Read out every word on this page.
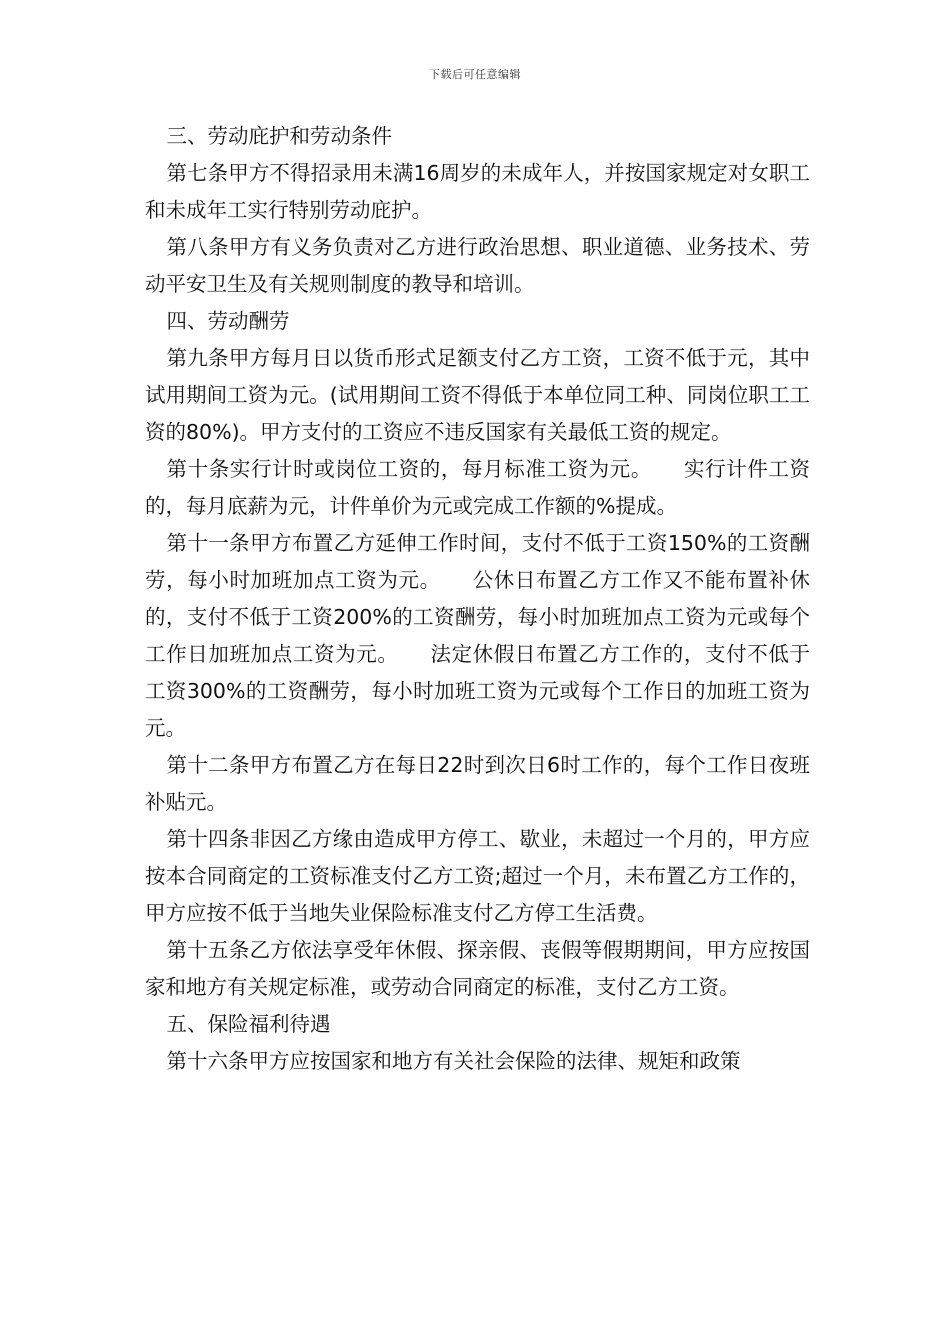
下载后可任意编辑

三、劳动庇护和劳动条件

第七条甲方不得招录用未满16周岁的未成年人，并按国家规定对女职工和未成年工实行特别劳动庇护。

第八条甲方有义务负责对乙方进行政治思想、职业道德、业务技术、劳动平安卫生及有关规则制度的教导和培训。

四、劳动酬劳

第九条甲方每月日以货币形式足额支付乙方工资，工资不低于元，其中试用期间工资为元。(试用期间工资不得低于本单位同工种、同岗位职工工资的80%)。甲方支付的工资应不违反国家有关最低工资的规定。

第十条实行计时或岗位工资的，每月标准工资为元。　　实行计件工资的，每月底薪为元，计件单价为元或完成工作额的%提成。

第十一条甲方布置乙方延伸工作时间，支付不低于工资150%的工资酬劳，每小时加班加点工资为元。　　公休日布置乙方工作又不能布置补休的，支付不低于工资200%的工资酬劳，每小时加班加点工资为元或每个工作日加班加点工资为元。　　法定休假日布置乙方工作的，支付不低于工资300%的工资酬劳，每小时加班工资为元或每个工作日的加班工资为元。

第十二条甲方布置乙方在每日22时到次日6时工作的，每个工作日夜班补贴元。

第十四条非因乙方缘由造成甲方停工、歇业，未超过一个月的，甲方应按本合同商定的工资标准支付乙方工资;超过一个月，未布置乙方工作的，甲方应按不低于当地失业保险标准支付乙方停工生活费。

第十五条乙方依法享受年休假、探亲假、丧假等假期期间，甲方应按国家和地方有关规定标准，或劳动合同商定的标准，支付乙方工资。

五、保险福利待遇

第十六条甲方应按国家和地方有关社会保险的法律、规矩和政策
